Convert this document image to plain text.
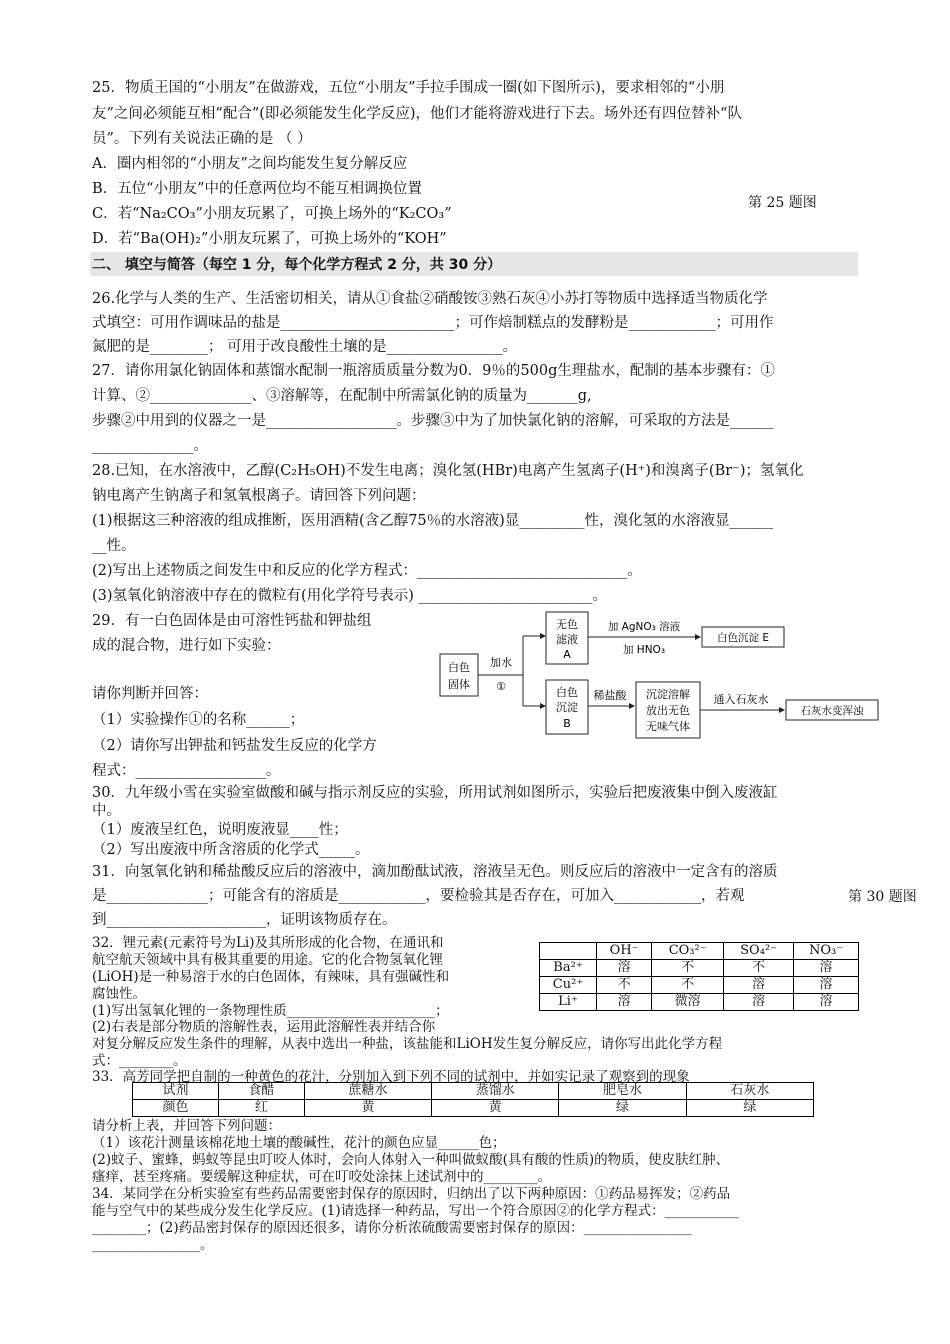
25．物质王国的“小朋友”在做游戏，五位“小朋友”手拉手围成一圈(如下图所示)，要求相邻的“小朋
友”之间必须能互相“配合”(即必须能发生化学反应)，他们才能将游戏进行下去。场外还有四位替补“队
员”。下列有关说法正确的是 （ ）
A．圈内相邻的“小朋友”之间均能发生复分解反应
B．五位“小朋友”中的任意两位均不能互相调换位置
C．若“Na₂CO₃”小朋友玩累了，可换上场外的“K₂CO₃”
D．若“Ba(OH)₂”小朋友玩累了，可换上场外的“KOH”
第 25 题图
二、 填空与简答（每空 1 分，每个化学方程式 2 分，共 30 分）
26.化学与人类的生产、生活密切相关，请从①食盐②硝酸铵③熟石灰④小苏打等物质中选择适当物质化学
式填空：可用作调味品的盐是________________________；可作焙制糕点的发酵粉是____________；可用作
氮肥的是________； 可用于改良酸性土壤的是________________。
27．请你用氯化钠固体和蒸馏水配制一瓶溶质质量分数为0．9％的500g生理盐水，配制的基本步骤有：①
计算、②______________、③溶解等，在配制中所需氯化钠的质量为_______g,
步骤②中用到的仪器之一是__________________。步骤③中为了加快氯化钠的溶解，可采取的方法是______
______________。
28.已知，在水溶液中，乙醇(C₂H₅OH)不发生电离；溴化氢(HBr)电离产生氢离子(H⁺)和溴离子(Br⁻)；氢氧化
钠电离产生钠离子和氢氧根离子。请回答下列问题：
(1)根据这三种溶液的组成推断，医用酒精(含乙醇75％的水溶液)显_________性，溴化氢的水溶液显______
__性。
(2)写出上述物质之间发生中和反应的化学方程式：_____________________________。
(3)氢氧化钠溶液中存在的微粒有(用化学符号表示) ________________________。
29．有一白色固体是由可溶性钙盐和钾盐组
成的混合物，进行如下实验：
请你判断并回答：
（1）实验操作①的名称______；
（2）请你写出钾盐和钙盐发生反应的化学方
程式：__________________。
白色
固体
加水
①
无色
滤液
A
加 AgNO₃ 溶液
加 HNO₃
白色沉淀 E
白色
沉淀
B
稀盐酸 沉淀溶解
放出无色
无味气体
通入石灰水
石灰水变浑浊
30．九年级小雪在实验室做酸和碱与指示剂反应的实验，所用试剂如图所示，实验后把废液集中倒入废液缸
中。
（1）废液呈红色，说明废液显____性；
（2）写出废液中所含溶质的化学式_____。
31．向氢氧化钠和稀盐酸反应后的溶液中，滴加酚酞试液，溶液呈无色。则反应后的溶液中一定含有的溶质
是______________；可能含有的溶质是____________，要检验其是否存在，可加入____________，若观	第 30 题图
到______________________，证明该物质存在。
32．锂元素(元素符号为Li)及其所形成的化合物，在通讯和
航空航天领域中具有极其重要的用途。它的化合物氢氧化锂
(LiOH)是一种易溶于水的白色固体，有辣味，具有强碱性和
腐蚀性。
(1)写出氢氧化锂的一条物理性质______________________；
(2)右表是部分物质的溶解性表，运用此溶解性表并结合你
对复分解反应发生条件的理解，从表中选出一种盐，该盐能和LiOH发生复分解反应，请你写出此化学方程
式：________。
	OH⁻	CO₃²⁻	SO₄²⁻	NO₃⁻
Ba²⁺	溶	不	不	溶
Cu²⁺	不	不	溶	溶
Li⁺	溶	微溶	溶	溶
33．高芳同学把自制的一种黄色的花汁，分别加入到下列不同的试剂中，并如实记录了观察到的现象
试剂	食醋	蔗糖水	蒸馏水	肥皂水	石灰水
颜色	红	黄	黄	绿	绿
请分析上表，并回答下列问题：
（1）该花汁测量该棉花地土壤的酸碱性，花汁的颜色应显______色；
(2)蚊子、蜜蜂，蚂蚁等昆虫叮咬人体时，会向人体射入一种叫做蚁酸(具有酸的性质)的物质，使皮肤红肿、
瘙痒，甚至疼痛。要缓解这种症状，可在叮咬处涂抹上述试剂中的________。
34．某同学在分析实验室有些药品需要密封保存的原因时，归纳出了以下两种原因：①药品易挥发；②药品
能与空气中的某些成分发生化学反应。(1)请选择一种药品，写出一个符合原因②的化学方程式：___________
________；(2)药品密封保存的原因还很多，请你分析浓硫酸需要密封保存的原因：________________
________________。
